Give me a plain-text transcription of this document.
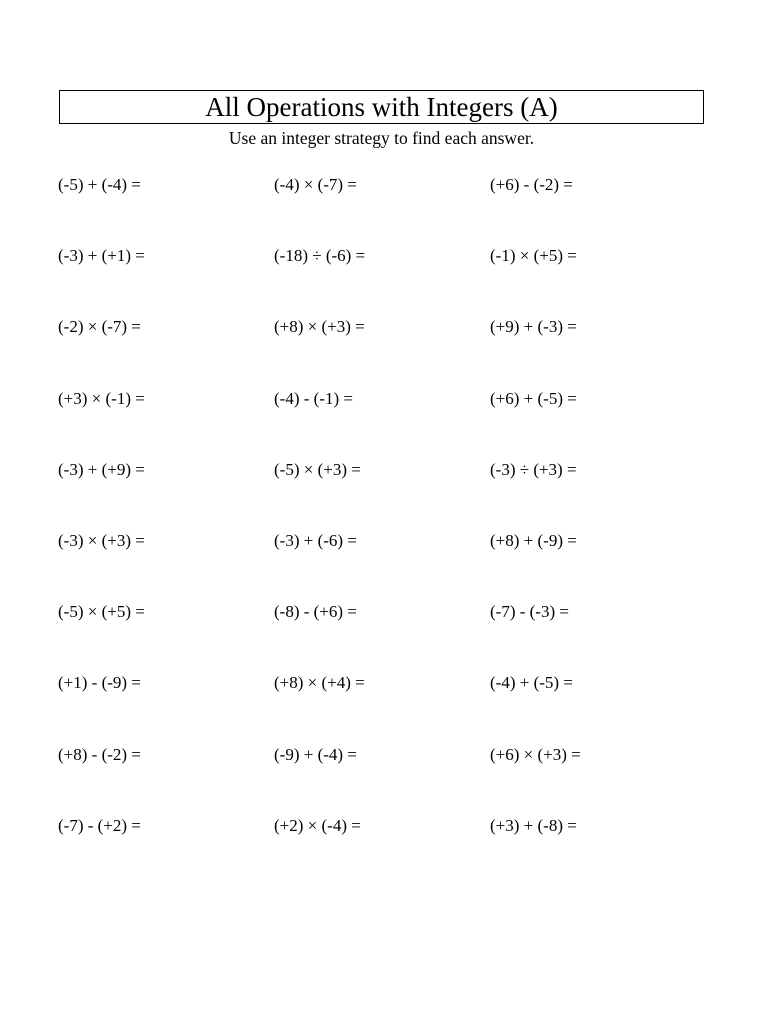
All Operations with Integers (A)
Use an integer strategy to find each answer.
(-5) + (-4) =	(-4) × (-7) =	(+6) - (-2) =
(-3) + (+1) =	(-18) ÷ (-6) =	(-1) × (+5) =
(-2) × (-7) =	(+8) × (+3) =	(+9) + (-3) =
(+3) × (-1) =	(-4) - (-1) =	(+6) + (-5) =
(-3) + (+9) =	(-5) × (+3) =	(-3) ÷ (+3) =
(-3) × (+3) =	(-3) + (-6) =	(+8) + (-9) =
(-5) × (+5) =	(-8) - (+6) =	(-7) - (-3) =
(+1) - (-9) =	(+8) × (+4) =	(-4) + (-5) =
(+8) - (-2) =	(-9) + (-4) =	(+6) × (+3) =
(-7) - (+2) =	(+2) × (-4) =	(+3) + (-8) =
